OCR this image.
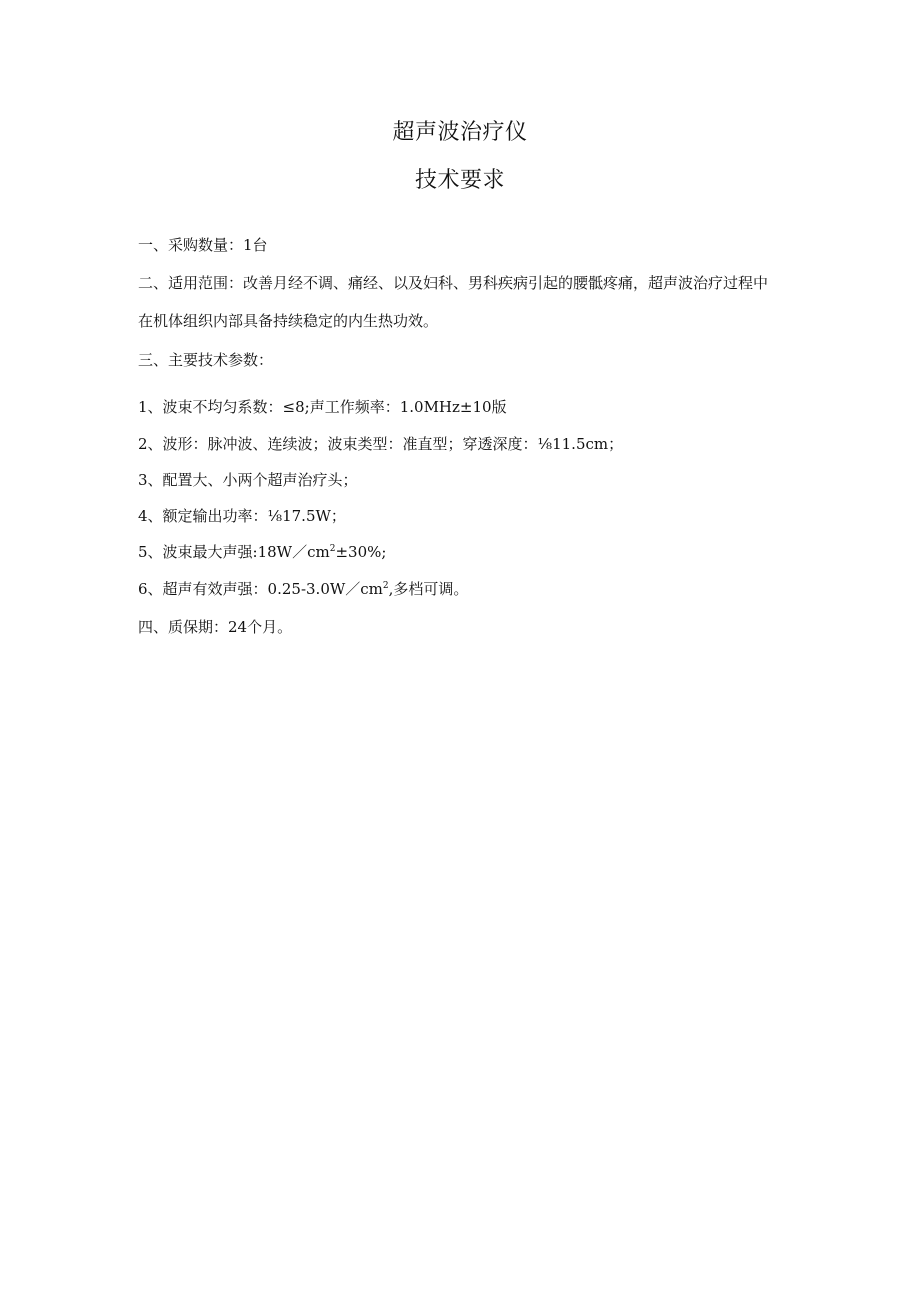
超声波治疗仪
技术要求

一、采购数量：1台

二、适用范围：改善月经不调、痛经、以及妇科、男科疾病引起的腰骶疼痛，超声波治疗过程中在机体组织内部具备持续稳定的内生热功效。

三、主要技术参数：

1、波束不均匀系数：≤8;声工作频率：1.0MHz±10版

2、波形：脉冲波、连续波；波束类型：准直型；穿透深度：⅛11.5cm；

3、配置大、小两个超声治疗头；

4、额定输出功率：⅛17.5W；

5、波束最大声强$:18W/cm^2\pm 30\%$;

6、超声有效声强：$0.25-3.0W/cm^2$,多档可调。

四、质保期：24个月。
